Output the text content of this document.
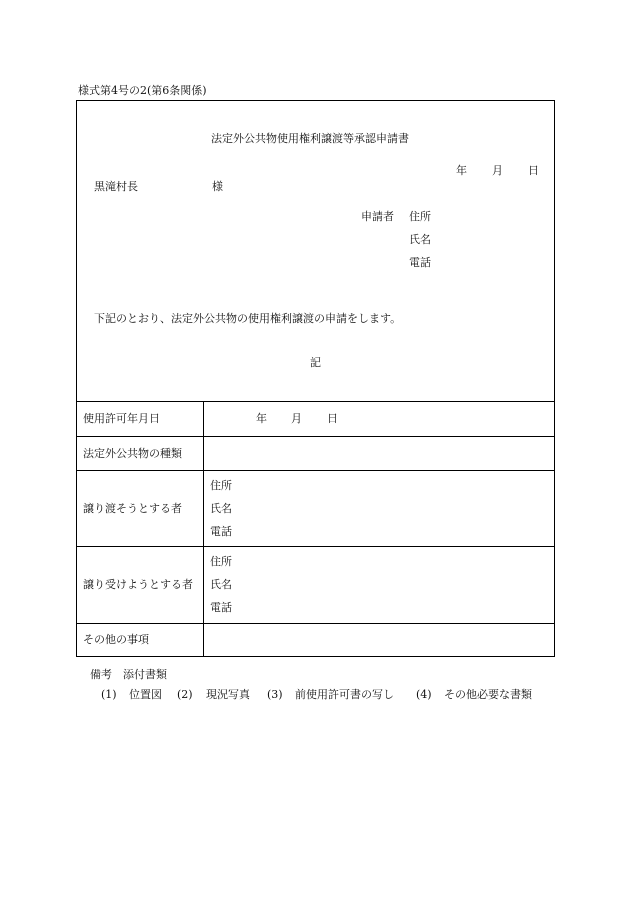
様式第4号の2(第6条関係)
法定外公共物使用権利譲渡等承認申請書
年 月 日
黒滝村長	様
申請者 住所
氏名
電話
下記のとおり、法定外公共物の使用権利譲渡の申請をします。
記
使用許可年月日	年 月 日
法定外公共物の種類
譲り渡そうとする者
住所
氏名
電話
譲り受けようとする者
住所
氏名
電話
その他の事項
備考　添付書類
(1) 位置図 (2) 現況写真 (3) 前使用許可書の写し (4) その他必要な書類
